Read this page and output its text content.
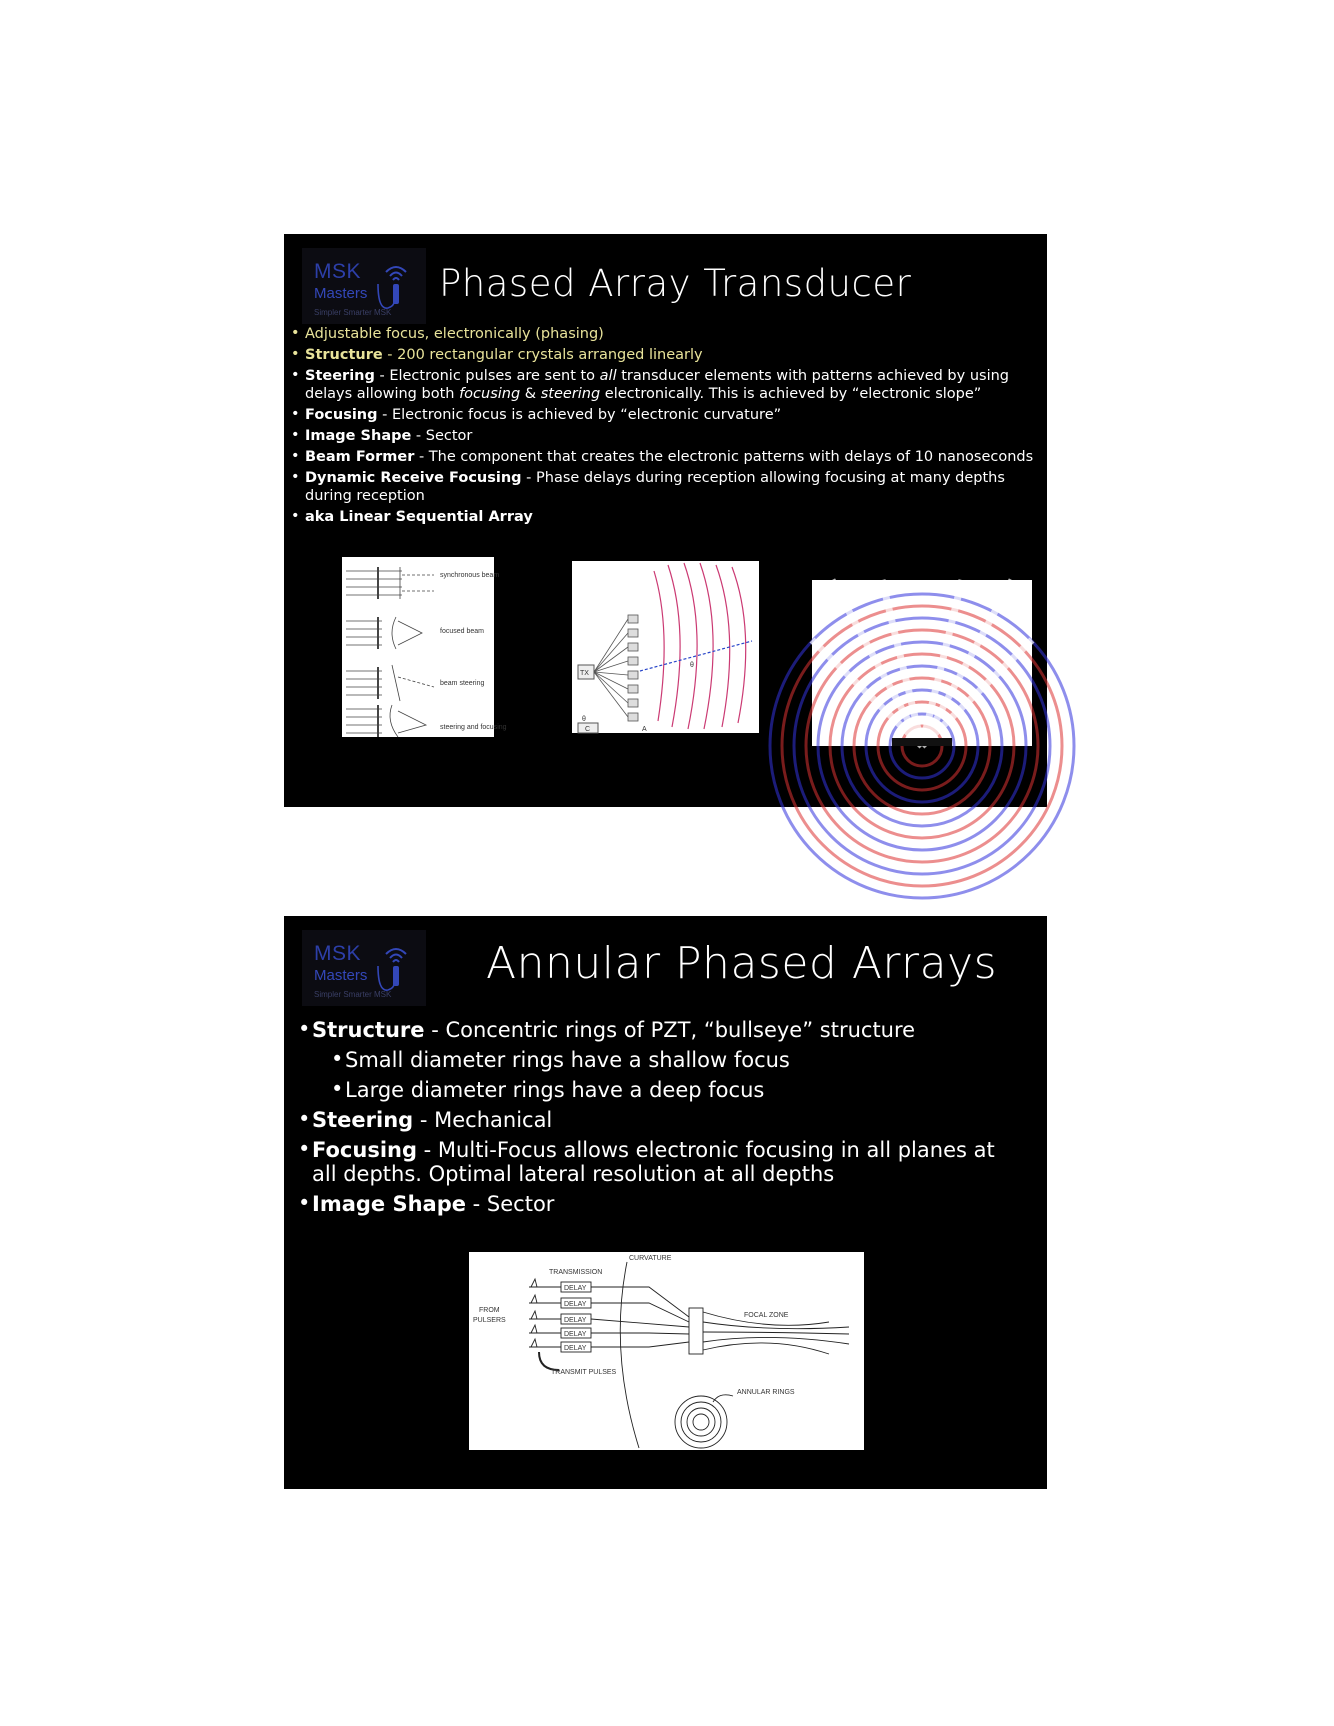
MSK
Masters
Simpler Smarter MSK
Phased Array Transducer
• Adjustable focus, electronically (phasing)
• Structure - 200 rectangular crystals arranged linearly
• Steering - Electronic pulses are sent to all transducer elements with patterns achieved by using delays allowing both focusing & steering electronically. This is achieved by “electronic slope”
• Focusing - Electronic focus is achieved by “electronic curvature”
• Image Shape - Sector
• Beam Former - The component that creates the electronic patterns with delays of 10 nanoseconds
• Dynamic Receive Focusing - Phase delays during reception allowing focusing at many depths during reception
• aka Linear Sequential Array
synchronous beam
focused beam
beam steering
steering and focusing
TX
θ
θ
C	A
MSK
Masters
Simpler Smarter MSK
Annular Phased Arrays
• Structure - Concentric rings of PZT, “bullseye” structure
• Small diameter rings have a shallow focus
• Large diameter rings have a deep focus
• Steering - Mechanical
• Focusing - Multi-Focus allows electronic focusing in all planes at all depths. Optimal lateral resolution at all depths
• Image Shape - Sector
CURVATURE
TRANSMISSION
DELAY
DELAY
DELAY
DELAY
DELAY
FROM
PULSERS
FOCAL ZONE
TRANSMIT PULSES
ANNULAR RINGS
